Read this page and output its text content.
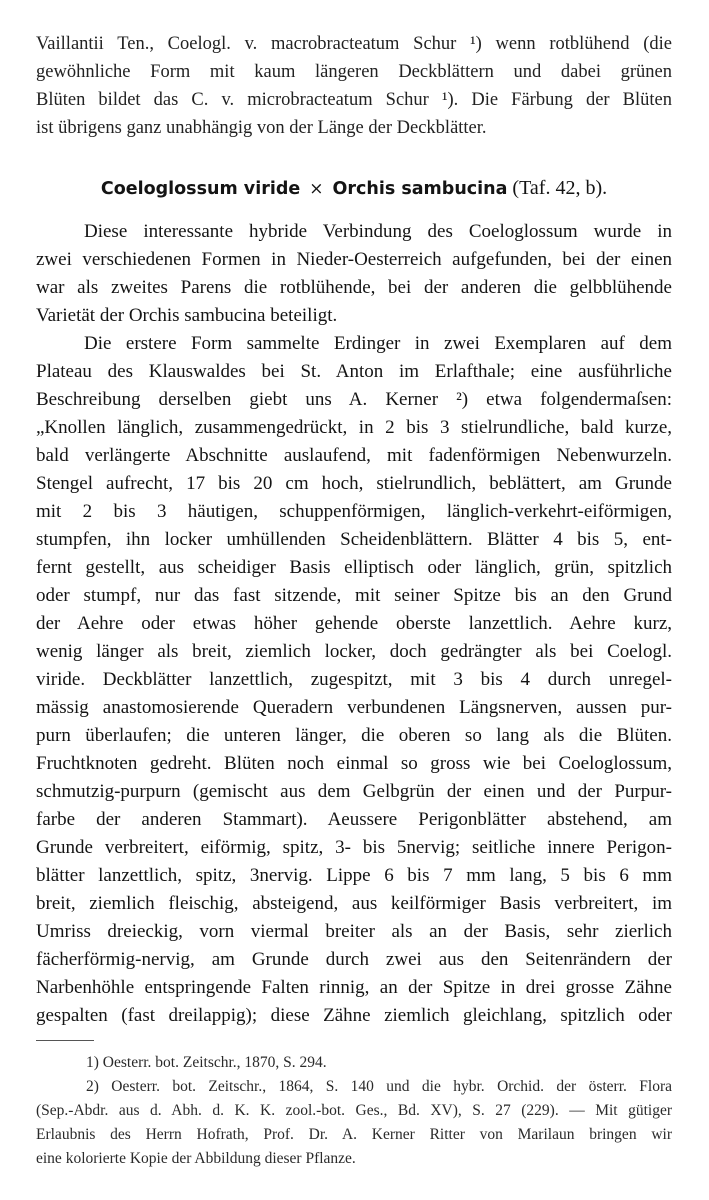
Vaillantii Ten., Coelogl. v. macrobracteatum Schur ¹) wenn rotblühend (die
gewöhnliche Form mit kaum längeren Deckblättern und dabei grünen
Blüten bildet das C. v. microbracteatum Schur ¹). Die Färbung der Blüten
ist übrigens ganz unabhängig von der Länge der Deckblätter.
Coeloglossum viride × Orchis sambucina (Taf. 42, b).
Diese interessante hybride Verbindung des Coeloglossum wurde in
zwei verschiedenen Formen in Nieder-Oesterreich aufgefunden, bei der einen
war als zweites Parens die rotblühende, bei der anderen die gelbblühende
Varietät der Orchis sambucina beteiligt.
Die erstere Form sammelte Erdinger in zwei Exemplaren auf dem
Plateau des Klauswaldes bei St. Anton im Erlafthale; eine ausführliche
Beschreibung derselben giebt uns A. Kerner ²) etwa folgendermaſsen:
„Knollen länglich, zusammengedrückt, in 2 bis 3 stielrundliche, bald kurze,
bald verlängerte Abschnitte auslaufend, mit fadenförmigen Nebenwurzeln.
Stengel aufrecht, 17 bis 20 cm hoch, stielrundlich, beblättert, am Grunde
mit 2 bis 3 häutigen, schuppenförmigen, länglich-verkehrt-eiförmigen,
stumpfen, ihn locker umhüllenden Scheidenblättern. Blätter 4 bis 5, ent-
fernt gestellt, aus scheidiger Basis elliptisch oder länglich, grün, spitzlich
oder stumpf, nur das fast sitzende, mit seiner Spitze bis an den Grund
der Aehre oder etwas höher gehende oberste lanzettlich. Aehre kurz,
wenig länger als breit, ziemlich locker, doch gedrängter als bei Coelogl.
viride. Deckblätter lanzettlich, zugespitzt, mit 3 bis 4 durch unregel-
mässig anastomosierende Queradern verbundenen Längsnerven, aussen pur-
purn überlaufen; die unteren länger, die oberen so lang als die Blüten.
Fruchtknoten gedreht. Blüten noch einmal so gross wie bei Coeloglossum,
schmutzig-purpurn (gemischt aus dem Gelbgrün der einen und der Purpur-
farbe der anderen Stammart). Aeussere Perigonblätter abstehend, am
Grunde verbreitert, eiförmig, spitz, 3- bis 5nervig; seitliche innere Perigon-
blätter lanzettlich, spitz, 3nervig. Lippe 6 bis 7 mm lang, 5 bis 6 mm
breit, ziemlich fleischig, absteigend, aus keilförmiger Basis verbreitert, im
Umriss dreieckig, vorn viermal breiter als an der Basis, sehr zierlich
fächerförmig-nervig, am Grunde durch zwei aus den Seitenrändern der
Narbenhöhle entspringende Falten rinnig, an der Spitze in drei grosse Zähne
gespalten (fast dreilappig); diese Zähne ziemlich gleichlang, spitzlich oder
1) Oesterr. bot. Zeitschr., 1870, S. 294.
2) Oesterr. bot. Zeitschr., 1864, S. 140 und die hybr. Orchid. der österr. Flora
(Sep.-Abdr. aus d. Abh. d. K. K. zool.-bot. Ges., Bd. XV), S. 27 (229). — Mit gütiger
Erlaubnis des Herrn Hofrath, Prof. Dr. A. Kerner Ritter von Marilaun bringen wir
eine kolorierte Kopie der Abbildung dieser Pflanze.
